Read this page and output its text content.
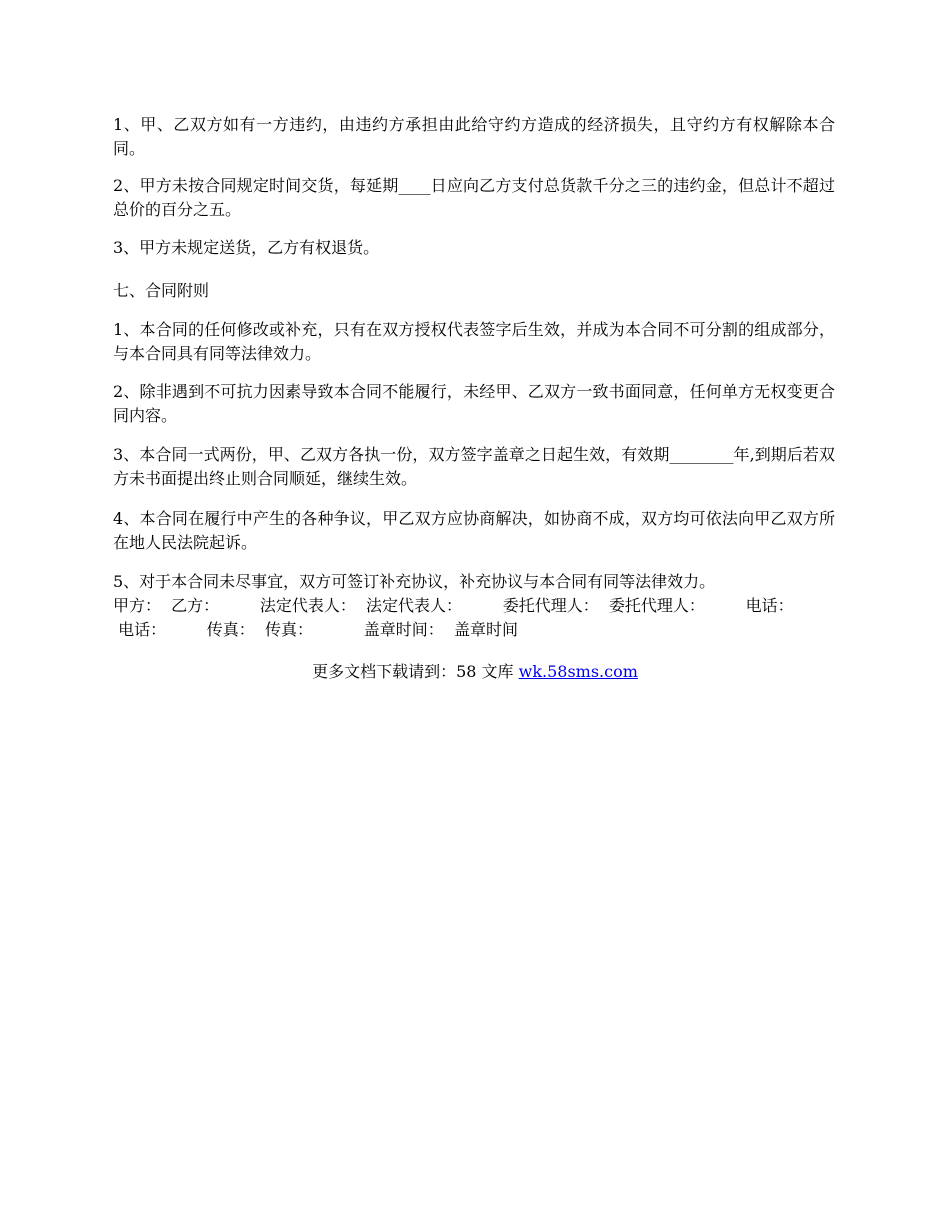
1、甲、乙双方如有一方违约，由违约方承担由此给守约方造成的经济损失，且守约方有权解除本合同。

2、甲方未按合同规定时间交货，每延期____日应向乙方支付总货款千分之三的违约金，但总计不超过总价的百分之五。

3、甲方未规定送货，乙方有权退货。

七、合同附则

1、本合同的任何修改或补充，只有在双方授权代表签字后生效，并成为本合同不可分割的组成部分，与本合同具有同等法律效力。

2、除非遇到不可抗力因素导致本合同不能履行，未经甲、乙双方一致书面同意，任何单方无权变更合同内容。

3、本合同一式两份，甲、乙双方各执一份，双方签字盖章之日起生效，有效期________年,到期后若双方未书面提出终止则合同顺延，继续生效。

4、本合同在履行中产生的各种争议，甲乙双方应协商解决，如协商不成，双方均可依法向甲乙双方所在地人民法院起诉。

5、对于本合同未尽事宜，双方可签订补充协议，补充协议与本合同有同等法律效力。

甲方：  乙方：        法定代表人：  法定代表人：        委托代理人：  委托代理人：        电话：

电话：        传真：  传真：          盖章时间：  盖章时间

更多文档下载请到：58 文库 wk.58sms.com
